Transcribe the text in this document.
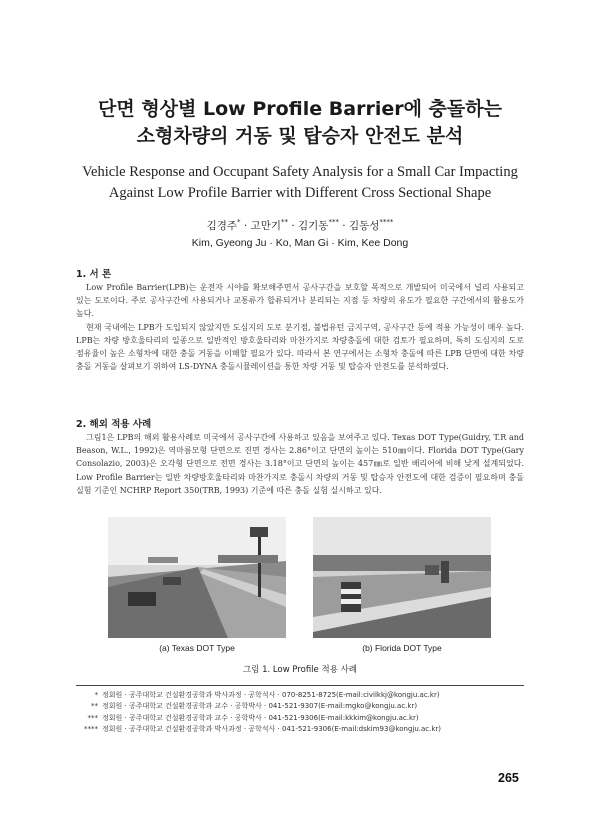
단면 형상별 Low Profile Barrier에 충돌하는
소형차량의 거동 및 탑승자 안전도 분석
Vehicle Response and Occupant Safety Analysis for a Small Car Impacting
Against Low Profile Barrier with Different Cross Sectional Shape
김경주* · 고만기** · 김기동*** · 김동성****
Kim, Gyeong Ju · Ko, Man Gi · Kim, Kee Dong
1. 서 론

Low Profile Barrier(LPB)는 운전자 시야를 확보해주면서 공사구간을 보호할 목적으로 개발되어 미국에서 널리 사용되고 있는 도로이다. 주로 공사구간에 사용되거나 교통류가 합류되거나 분리되는 지점 등 차량의 유도가 필요한 구간에서의 활용도가 높다.

현재 국내에는 LPB가 도입되지 않았지만 도심지의 도로 분기점, 불법유턴 금지구역, 공사구간 등에 적용 가능성이 매우 높다. LPB는 차량 방호울타리의 일종으로 일반적인 방호울타리와 마찬가지로 차량충돌에 대한 검토가 필요하며, 특히 도심지의 도로 점유율이 높은 소형차에 대한 충돌 거동을 이해할 필요가 있다. 따라서 본 연구에서는 소형차 충돌에 따른 LPB 단면에 대한 차량 충돌 거동을 살펴보기 위하여 LS-DYNA 충돌시뮬레이션을 통한 차량 거동 및 탑승자 안전도를 분석하였다.

2. 해외 적용 사례

그림1은 LPB의 해외 활용사례로 미국에서 공사구간에 사용하고 있음을 보여주고 있다. Texas DOT Type(Guidry, T.R and Beason, W.L., 1992)은 역마름모형 단면으로 진면 경사는 2.86°이고 단면의 높이는 510㎜이다. Florida DOT Type(Gary Consolazio, 2003)은 오각형 단면으로 전면 경사는 3.18°이고 단면의 높이는 457㎜로 일반 배리어에 비해 낮게 설계되었다. Low Profile Barrier는 일반 차량방호울타리와 마찬가지로 충돌시 차량의 거동 및 탑승자 안전도에 대한 검증이 필요하며 충돌실험 기준인 NCHRP Report 350(TRB, 1993) 기준에 따른 충돌 실험 실시하고 있다.

(a) Texas DOT Type	(b) Florida DOT Type
그림 1. Low Profile 적용 사례
* 정회원 · 공주대학교 건설환경공학과 박사과정 · 공학석사 · 070-8251-8725(E-mail:civilkkj@kongju.ac.kr)
** 정회원 · 공주대학교 건설환경공학과 교수 · 공학박사 · 041-521-9307(E-mail:mgko@kongju.ac.kr)
*** 정회원 · 공주대학교 건설환경공학과 교수 · 공학박사 · 041-521-9306(E-mail:kkkim@kongju.ac.kr)
**** 정회원 · 공주대학교 건설환경공학과 박사과정 · 공학석사 · 041-521-9306(E-mail:dskim93@kongju.ac.kr)
265
